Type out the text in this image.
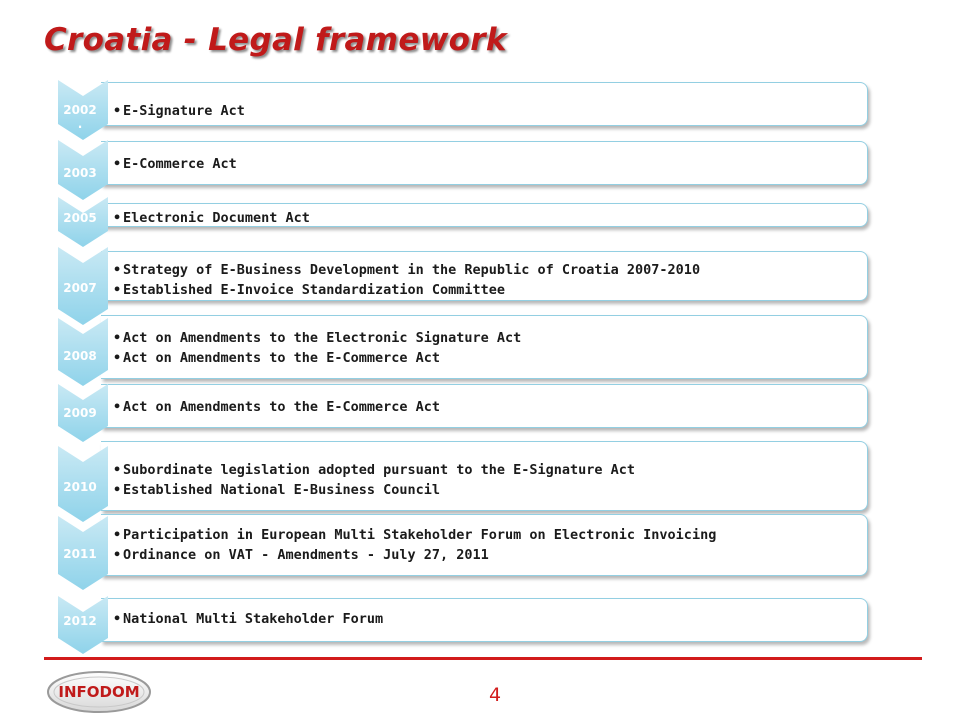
Croatia - Legal framework
• E-Signature Act
2002
.
• E-Commerce Act
2003
• Electronic Document Act
2005
• Strategy of E-Business Development in the Republic of Croatia 2007-2010
• Established E-Invoice Standardization Committee
2007
• Act on Amendments to the Electronic Signature Act
• Act on Amendments to the E-Commerce Act
2008
• Act on Amendments to the E-Commerce Act
2009
• Subordinate legislation adopted pursuant to the E-Signature Act
• Established National E-Business Council
2010
• Participation in European Multi Stakeholder Forum on Electronic Invoicing
• Ordinance on VAT - Amendments - July 27, 2011
2011
• National Multi Stakeholder Forum
2012
INFODOM	4
